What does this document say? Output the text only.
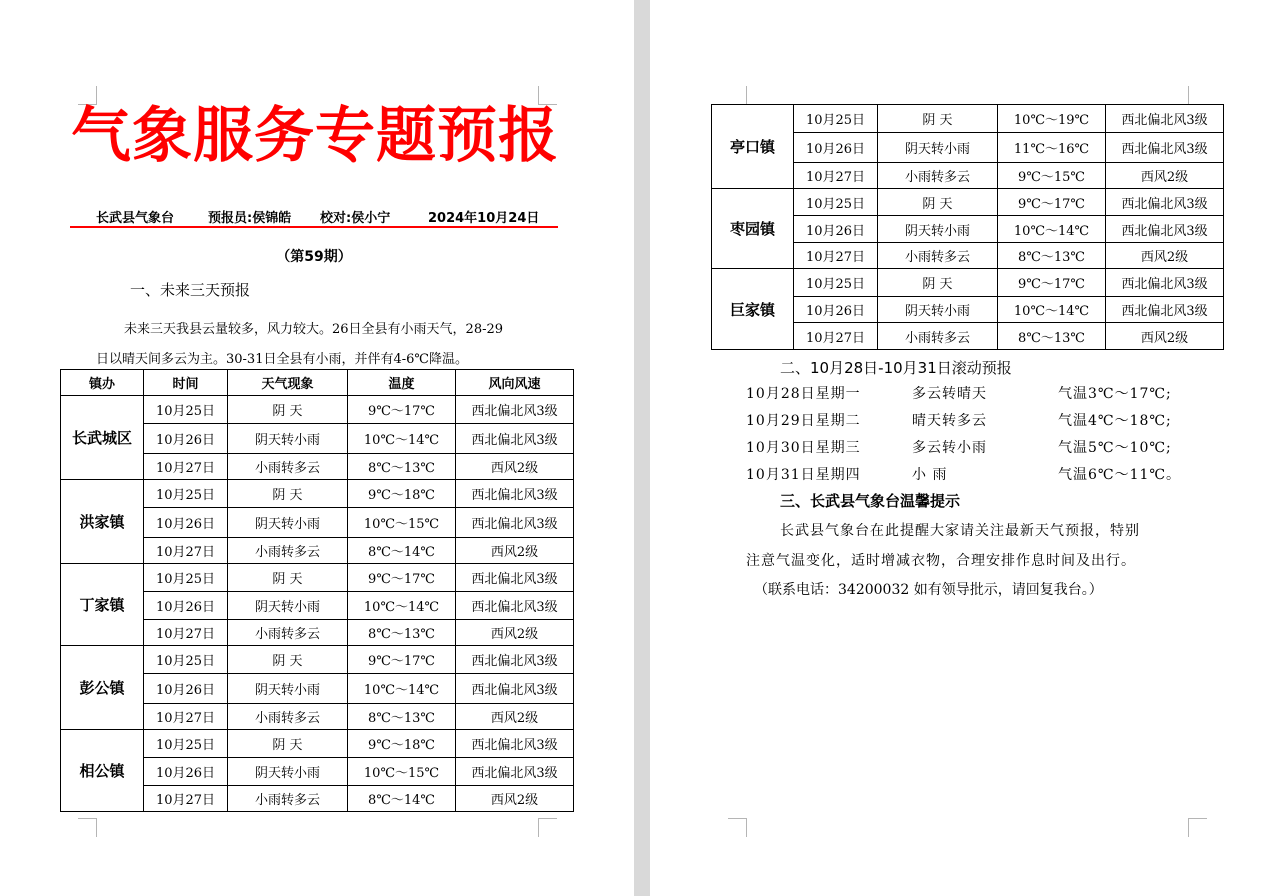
气象服务专题预报
长武县气象台	预报员:侯锦皓 校对:侯小宁	2024年10月24日
（第59期）
一、未来三天预报
未来三天我县云量较多，风力较大。26日全县有小雨天气，28-29
日以晴天间多云为主。30-31日全县有小雨，并伴有4-6℃降温。
镇办	时间	天气现象	温度	风向风速
长武城区	10月25日	阴 天	9℃～17℃	西北偏北风3级
	10月26日	阴天转小雨	10℃～14℃	西北偏北风3级
	10月27日	小雨转多云	8℃～13℃	西风2级
洪家镇	10月25日	阴 天	9℃～18℃	西北偏北风3级
	10月26日	阴天转小雨	10℃～15℃	西北偏北风3级
	10月27日	小雨转多云	8℃～14℃	西风2级
丁家镇	10月25日	阴 天	9℃～17℃	西北偏北风3级
	10月26日	阴天转小雨	10℃～14℃	西北偏北风3级
	10月27日	小雨转多云	8℃～13℃	西风2级
彭公镇	10月25日	阴 天	9℃～17℃	西北偏北风3级
	10月26日	阴天转小雨	10℃～14℃	西北偏北风3级
	10月27日	小雨转多云	8℃～13℃	西风2级
相公镇	10月25日	阴 天	9℃～18℃	西北偏北风3级
	10月26日	阴天转小雨	10℃～15℃	西北偏北风3级
	10月27日	小雨转多云	8℃～14℃	西风2级
亭口镇	10月25日	阴 天	10℃～19℃	西北偏北风3级
	10月26日	阴天转小雨	11℃～16℃	西北偏北风3级
	10月27日	小雨转多云	9℃～15℃	西风2级
枣园镇	10月25日	阴 天	9℃～17℃	西北偏北风3级
	10月26日	阴天转小雨	10℃～14℃	西北偏北风3级
	10月27日	小雨转多云	8℃～13℃	西风2级
巨家镇	10月25日	阴 天	9℃～17℃	西北偏北风3级
	10月26日	阴天转小雨	10℃～14℃	西北偏北风3级
	10月27日	小雨转多云	8℃～13℃	西风2级
二、10月28日-10月31日滚动预报
10月28日星期一	多云转晴天	气温3℃～17℃;
10月29日星期二	晴天转多云	气温4℃～18℃;
10月30日星期三	多云转小雨	气温5℃～10℃;
10月31日星期四	小 雨	气温6℃～11℃。
三、长武县气象台温馨提示
长武县气象台在此提醒大家请关注最新天气预报，特别
注意气温变化，适时增减衣物，合理安排作息时间及出行。
（联系电话：34200032 如有领导批示，请回复我台。）
